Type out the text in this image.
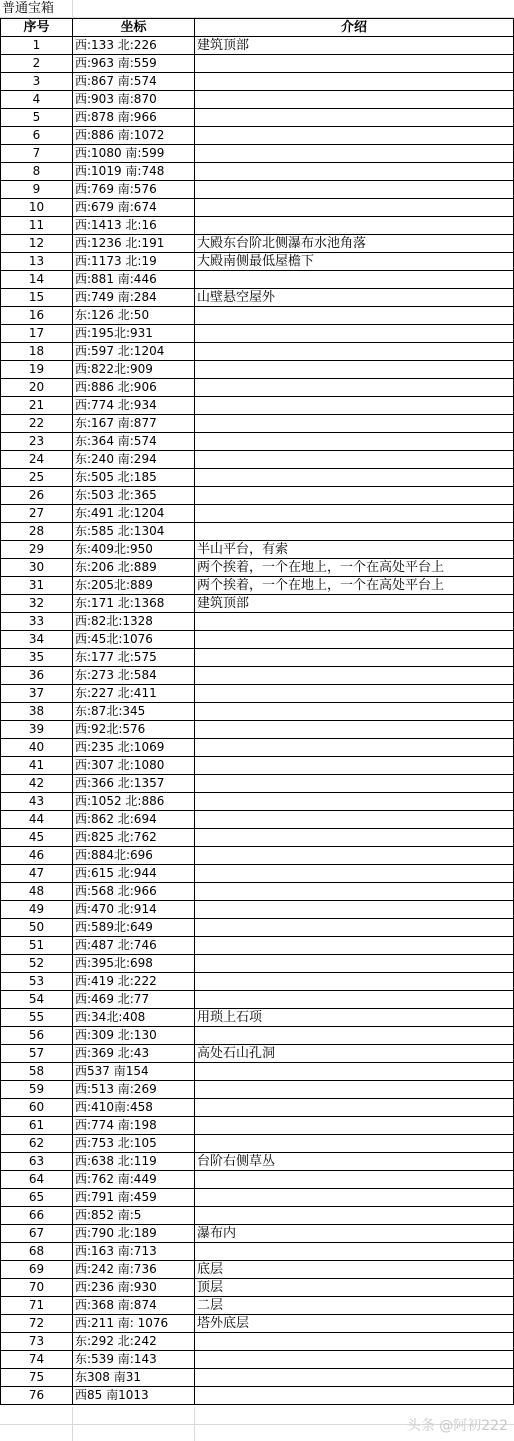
普通宝箱
序号	坐标	介绍
1	西:133 北:226	建筑顶部
2	西:963 南:559	
3	西:867 南:574	
4	西:903 南:870	
5	西:878 南:966	
6	西:886 南:1072	
7	西:1080 南:599	
8	西:1019 南:748	
9	西:769 南:576	
10	西:679 南:674	
11	西:1413 北:16	
12	西:1236 北:191	大殿东台阶北侧瀑布水池角落
13	西:1173 北:19	大殿南侧最低屋檐下
14	西:881 南:446	
15	西:749 南:284	山壁悬空屋外
16	东:126 北:50	
17	西:195北:931	
18	西:597 北:1204	
19	西:822北:909	
20	西:886 北:906	
21	西:774 北:934	
22	东:167 南:877	
23	东:364 南:574	
24	东:240 南:294	
25	东:505 北:185	
26	东:503 北:365	
27	东:491 北:1204	
28	东:585 北:1304	
29	东:409北:950	半山平台，有索
30	东:206 北:889	两个挨着，一个在地上，一个在高处平台上
31	东:205北:889	两个挨着，一个在地上，一个在高处平台上
32	东:171 北:1368	建筑顶部
33	西:82北:1328	
34	西:45北:1076	
35	东:177 北:575	
36	东:273 北:584	
37	东:227 北:411	
38	东:87北:345	
39	西:92北:576	
40	西:235 北:1069	
41	西:307 北:1080	
42	西:366 北:1357	
43	西:1052 北:886	
44	西:862 北:694	
45	西:825 北:762	
46	西:884北:696	
47	西:615 北:944	
48	西:568 北:966	
49	西:470 北:914	
50	西:589北:649	
51	西:487 北:746	
52	西:395北:698	
53	西:419 北:222	
54	西:469 北:77	
55	西:34北:408	用琐上石项
56	西:309 北:130	
57	西:369 北:43	高处石山孔洞
58	西537 南154	
59	西:513 南:269	
60	西:410南:458	
61	西:774 南:198	
62	西:753 北:105	
63	西:638 北:119	台阶右侧草丛
64	西:762 南:449	
65	西:791 南:459	
66	西:852 南:5	
67	西:790 北:189	瀑布内
68	西:163 南:713	
69	西:242 南:736	底层
70	西:236 南:930	顶层
71	西:368 南:874	二层
72	西:211 南: 1076	塔外底层
73	东:292 北:242	
74	东:539 南:143	
75	东308 南31	
76	西85 南1013	
头条 @阿初222
